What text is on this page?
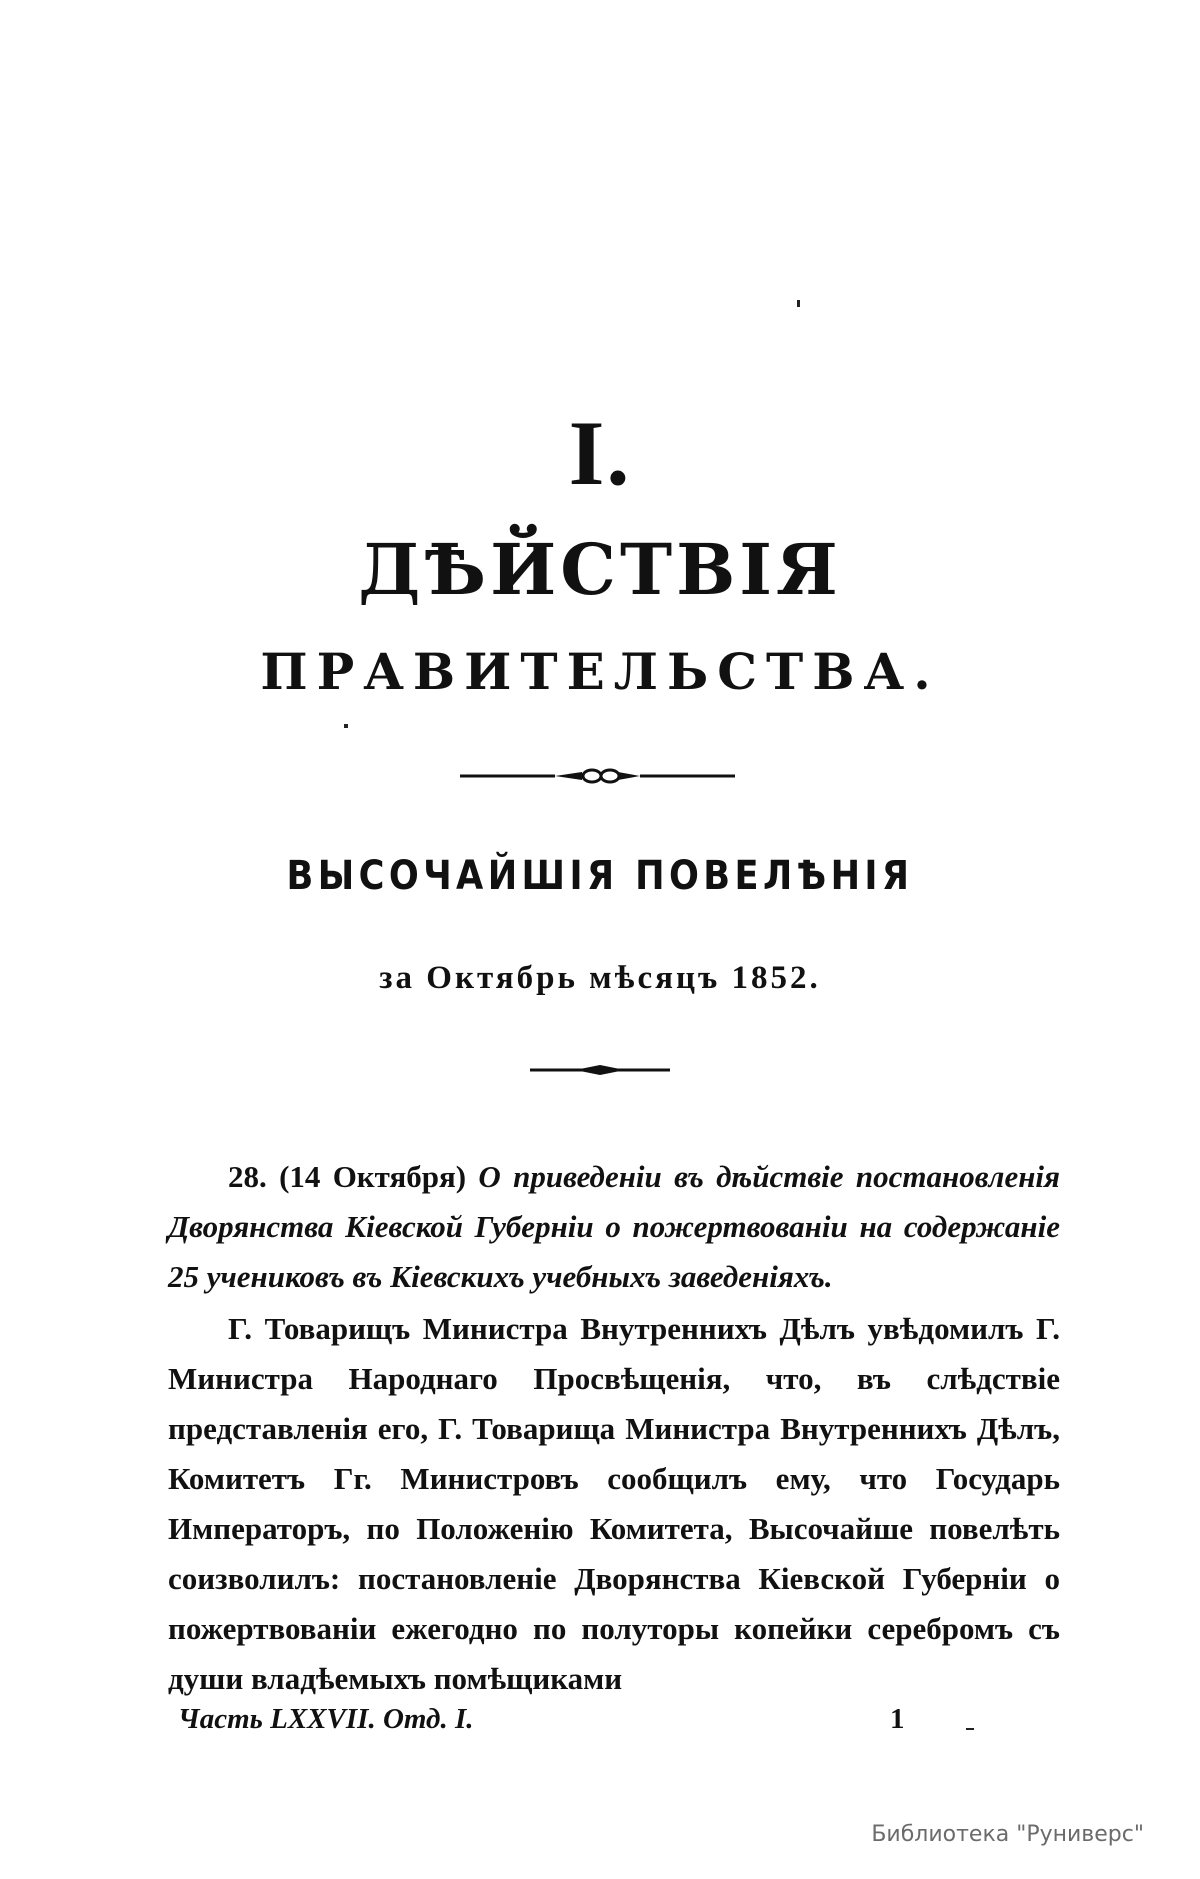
I.
ДѢЙСТВІЯ
ПРАВИТЕЛЬСТВА.
ВЫСОЧАЙШІЯ ПОВЕЛѢНІЯ
за Октябрь мѣсяцъ 1852.
28. (14 Октября) О приведеніи въ дѣйствіе постановленія Дворянства Кіевской Губерніи о пожертвованіи на содержаніе 25 учениковъ въ Кіевскихъ учебныхъ заведеніяхъ.
Г. Товарищъ Министра Внутреннихъ Дѣлъ увѣдомилъ Г. Министра Народнаго Просвѣщенія, что, въ слѣдствіе представленія его, Г. Товарища Министра Внутреннихъ Дѣлъ, Комитетъ Гг. Министровъ сообщилъ ему, что Государь Императоръ, по Положенію Комитета, Высочайше повелѣть соизволилъ: постановленіе Дворянства Кіевской Губерніи о пожертвованіи ежегодно по полуторы копейки серебромъ съ души владѣемыхъ помѣщиками
Часть LXXVII. Отд. I.	1
Библиотека "Руниверс"
